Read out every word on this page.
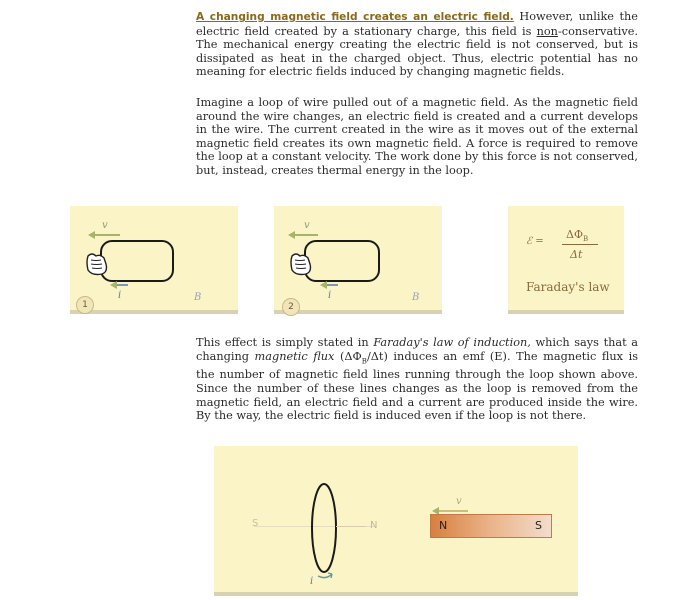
A changing magnetic field creates an electric field. However, unlike the electric field created by a stationary charge, this field is non-conservative. The mechanical energy creating the electric field is not conserved, but is dissipated as heat in the charged object. Thus, electric potential has no meaning for electric fields induced by changing magnetic fields.

Imagine a loop of wire pulled out of a magnetic field. As the magnetic field around the wire changes, an electric field is created and a current develops in the wire. The current created in the wire as it moves out of the external magnetic field creates its own magnetic field. A force is required to remove the loop at a constant velocity. The work done by this force is not conserved, but, instead, creates thermal energy in the loop.

v
i	B
1
v
i	B
2
ℰ =
$\Delta\Phi_B$
Δt
Faraday's law

This effect is simply stated in Faraday's law of induction, which says that a changing magnetic flux $(\Delta\Phi_B/\Delta t)$ induces an emf (E). The magnetic flux is the number of magnetic field lines running through the loop shown above. Since the number of these lines changes as the loop is removed from the magnetic field, an electric field and a current are produced inside the wire. By the way, the electric field is induced even if the loop is not there.

S	N
v
N	S
i
